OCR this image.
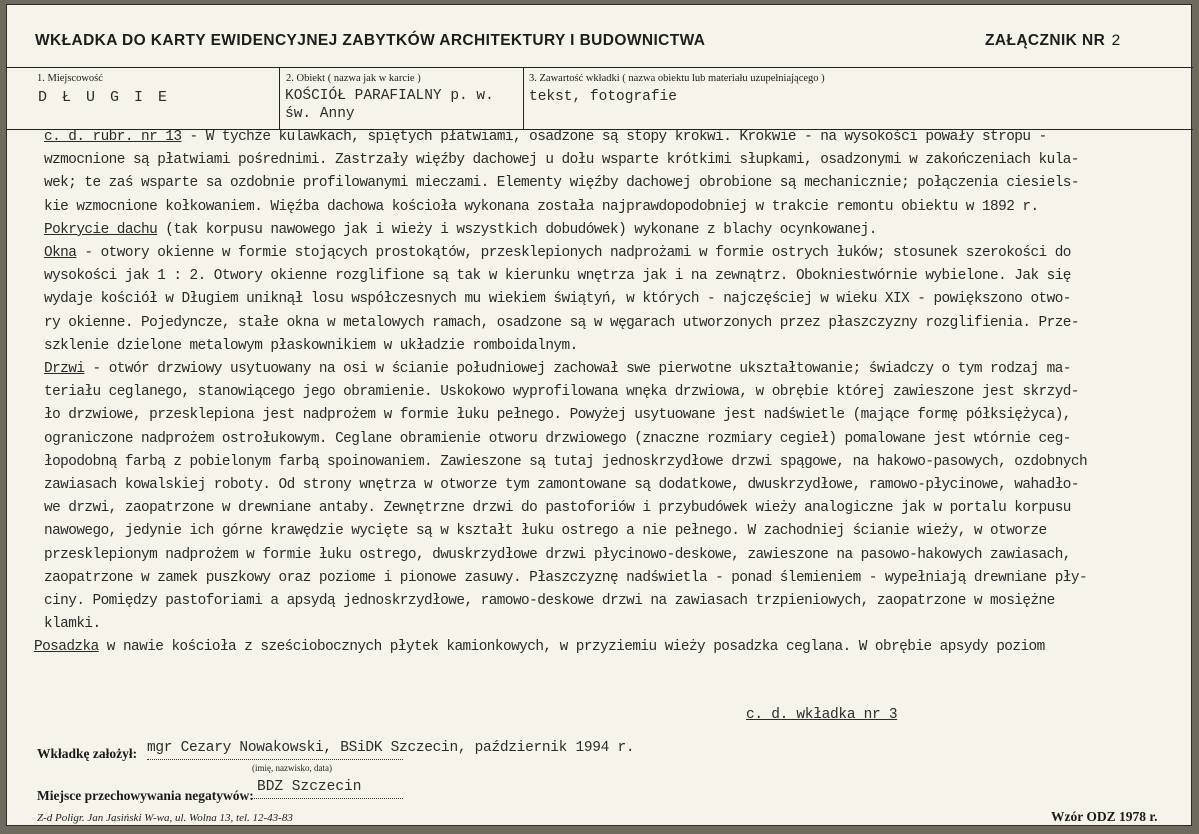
WKŁADKA DO KARTY EWIDENCYJNEJ ZABYTKÓW ARCHITEKTURY I BUDOWNICTWA	ZAŁĄCZNIK NR 2
1. Miejscowość
D Ł U G I E
2. Obiekt ( nazwa jak w karcie )
KOŚCIÓŁ PARAFIALNY p. w.
św. Anny
3. Zawartość wkładki ( nazwa obiektu lub materiału uzupełniającego )
tekst, fotografie
c. d. rubr. nr 13 - W tychże kulawkach, spiętych płatwiami, osadzone są stopy krokwi. Krokwie - na wysokości powały stropu -
wzmocnione są płatwiami pośrednimi. Zastrzały więźby dachowej u dołu wsparte krótkimi słupkami, osadzonymi w zakończeniach kula-
wek; te zaś wsparte sa ozdobnie profilowanymi mieczami. Elementy więźby dachowej obrobione są mechanicznie; połączenia ciesiels-
kie wzmocnione kołkowaniem. Więźba dachowa kościoła wykonana została najprawdopodobniej w trakcie remontu obiektu w 1892 r.
Pokrycie dachu (tak korpusu nawowego jak i wieży i wszystkich dobudówek) wykonane z blachy ocynkowanej.
Okna - otwory okienne w formie stojących prostokątów, przesklepionych nadprożami w formie ostrych łuków; stosunek szerokości do
wysokości jak 1 : 2. Otwory okienne rozglifione są tak w kierunku wnętrza jak i na zewnątrz. Obokniestwórnie wybielone. Jak się
wydaje kościół w Długiem uniknął losu współczesnych mu wiekiem świątyń, w których - najczęściej w wieku XIX - powiększono otwo-
ry okienne. Pojedyncze, stałe okna w metalowych ramach, osadzone są w węgarach utworzonych przez płaszczyzny rozglifienia. Prze-
szklenie dzielone metalowym płaskownikiem w układzie romboidalnym.
Drzwi - otwór drzwiowy usytuowany na osi w ścianie południowej zachował swe pierwotne ukształtowanie; świadczy o tym rodzaj ma-
teriału ceglanego, stanowiącego jego obramienie. Uskokowo wyprofilowana wnęka drzwiowa, w obrębie której zawieszone jest skrzyd-
ło drzwiowe, przesklepiona jest nadprożem w formie łuku pełnego. Powyżej usytuowane jest nadświetle (mające formę półksiężyca),
ograniczone nadprożem ostrołukowym. Ceglane obramienie otworu drzwiowego (znaczne rozmiary cegieł) pomalowane jest wtórnie ceg-
łopodobną farbą z pobielonym farbą spoinowaniem. Zawieszone są tutaj jednoskrzydłowe drzwi spągowe, na hakowo-pasowych, ozdobnych
zawiasach kowalskiej roboty. Od strony wnętrza w otworze tym zamontowane są dodatkowe, dwuskrzydłowe, ramowo-płycinowe, wahadło-
we drzwi, zaopatrzone w drewniane antaby. Zewnętrzne drzwi do pastoforiów i przybudówek wieży analogiczne jak w portalu korpusu
nawowego, jedynie ich górne krawędzie wycięte są w kształt łuku ostrego a nie pełnego. W zachodniej ścianie wieży, w otworze
przesklepionym nadprożem w formie łuku ostrego, dwuskrzydłowe drzwi płycinowo-deskowe, zawieszone na pasowo-hakowych zawiasach,
zaopatrzone w zamek puszkowy oraz poziome i pionowe zasuwy. Płaszczyznę nadświetla - ponad ślemieniem - wypełniają drewniane pły-
ciny. Pomiędzy pastoforiami a apsydą jednoskrzydłowe, ramowo-deskowe drzwi na zawiasach trzpieniowych, zaopatrzone w mosiężne
klamki.
Posadzka w nawie kościoła z sześciobocznych płytek kamionkowych, w przyziemiu wieży posadzka ceglana. W obrębie apsydy poziom
c. d. wkładka nr 3
Wkładkę założył: mgr Cezary Nowakowski, BSiDK Szczecin, październik 1994 r.
(imię, nazwisko, data)
Miejsce przechowywania negatywów:
BDZ Szczecin
Z-d Poligr. Jan Jasiński W-wa, ul. Wolna 13, tel. 12-43-83	Wzór ODZ 1978 r.
